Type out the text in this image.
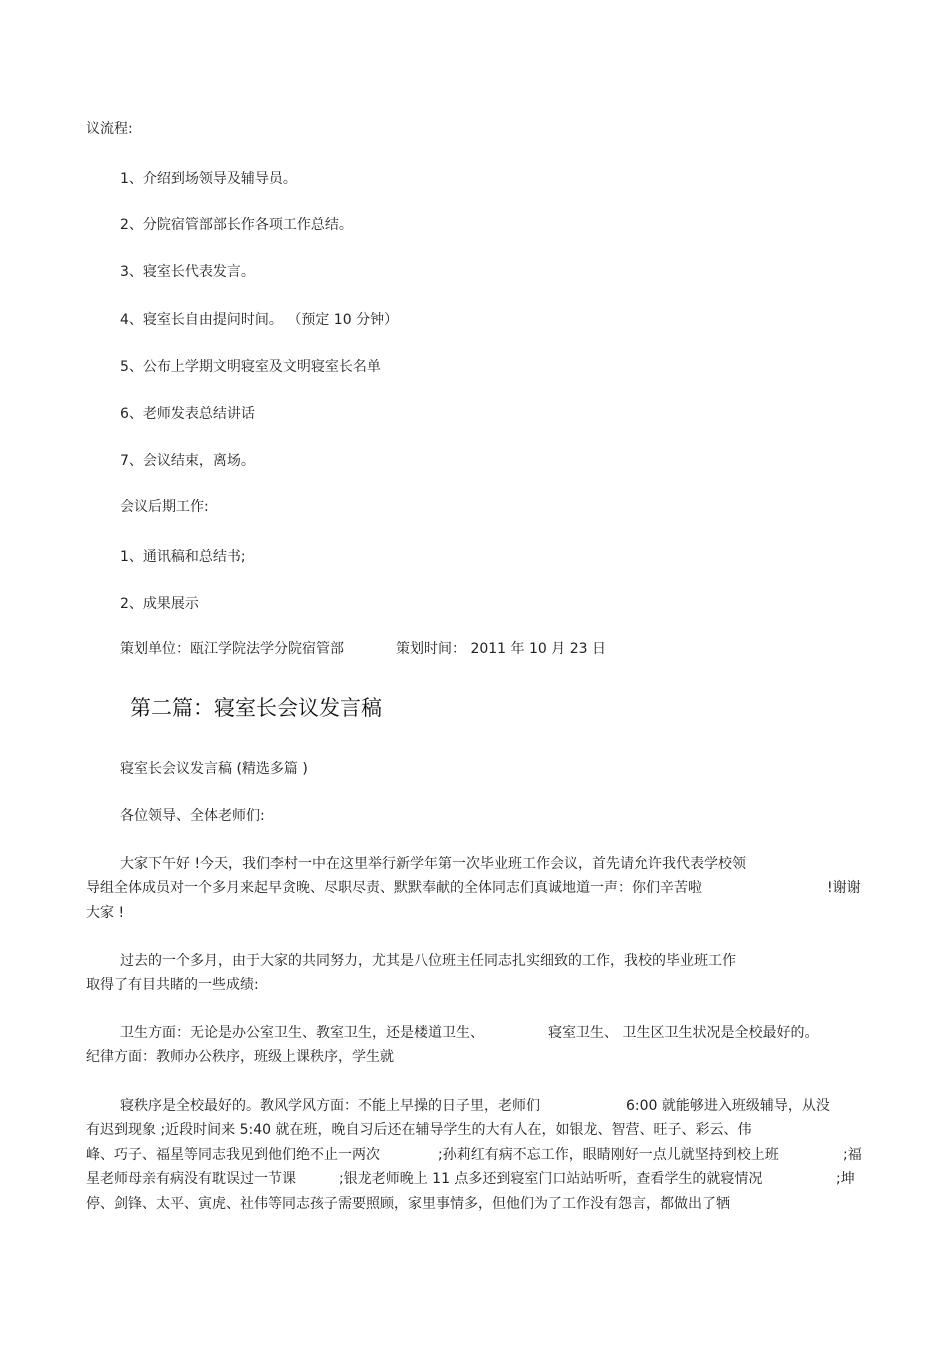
议流程:
1、介绍到场领导及辅导员。
2、分院宿管部部长作各项工作总结。
3、寝室长代表发言。
4、寝室长自由提问时间。 （预定 10 分钟）
5、公布上学期文明寝室及文明寝室长名单
6、老师发表总结讲话
7、会议结束，离场。
会议后期工作:
1、通讯稿和总结书;
2、成果展示
策划单位：瓯江学院法学分院宿管部	策划时间： 2011 年 10 月 23 日
第二篇：寝室长会议发言稿
寝室长会议发言稿 (精选多篇 )
各位领导、全体老师们:
大家下午好 !今天，我们李村一中在这里举行新学年第一次毕业班工作会议，首先请允许我代表学校领
导组全体成员对一个多月来起早贪晚、尽职尽责、默默奉献的全体同志们真诚地道一声：你们辛苦啦	!谢谢
大家 !
过去的一个多月，由于大家的共同努力，尤其是八位班主任同志扎实细致的工作，我校的毕业班工作
取得了有目共睹的一些成绩:
卫生方面：无论是办公室卫生、教室卫生，还是楼道卫生、	寝室卫生、 卫生区卫生状况是全校最好的。
纪律方面：教师办公秩序，班级上课秩序，学生就
寝秩序是全校最好的。教风学风方面：不能上早操的日子里，老师们	6:00 就能够进入班级辅导，从没
有迟到现象 ;近段时间来 5:40 就在班，晚自习后还在辅导学生的大有人在，如银龙、智营、旺子、彩云、伟
峰、巧子、福星等同志我见到他们绝不止一两次	;孙莉红有病不忘工作，眼睛刚好一点儿就坚持到校上班	;福
星老师母亲有病没有耽误过一节课	;银龙老师晚上 11 点多还到寝室门口站站听听，查看学生的就寝情况	;坤
停、剑锋、太平、寅虎、社伟等同志孩子需要照顾，家里事情多，但他们为了工作没有怨言，都做出了牺
